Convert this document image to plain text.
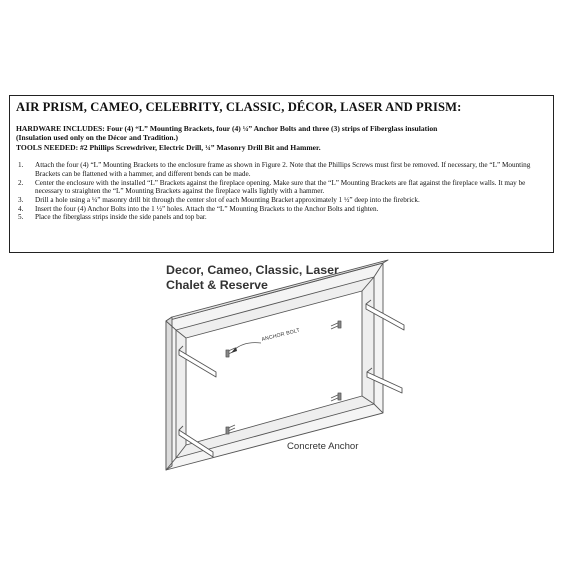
AIR PRISM, CAMEO, CELEBRITY, CLASSIC, DÉCOR, LASER AND PRISM:
HARDWARE INCLUDES: Four (4) “L” Mounting Brackets, four (4) ¼” Anchor Bolts and three (3) strips of Fiberglass insulation
(Insulation used only on the Décor and Tradition.)
TOOLS NEEDED: #2 Phillips Screwdriver, Electric Drill, ¼” Masonry Drill Bit and Hammer.
1.	Attach the four (4) “L” Mounting Brackets to the enclosure frame as shown in Figure 2. Note that the Phillips Screws must first be removed. If necessary, the “L” Mounting Brackets can be flattened with a hammer, and different bends can be made.
2.	Center the enclosure with the installed “L” Brackets against the fireplace opening. Make sure that the “L” Mounting Brackets are flat against the fireplace walls. It may be necessary to straighten the “L” Mounting Brackets against the fireplace walls lightly with a hammer.
3.	Drill a hole using a ¼” masonry drill bit through the center slot of each Mounting Bracket approximately 1 ½” deep into the firebrick.
4.	Insert the four (4) Anchor Bolts into the 1 ½” holes. Attach the “L” Mounting Brackets to the Anchor Bolts and tighten.
5.	Place the fiberglass strips inside the side panels and top bar.
Decor, Cameo, Classic, Laser,
Chalet & Reserve
ANCHOR BOLT
Concrete Anchor
